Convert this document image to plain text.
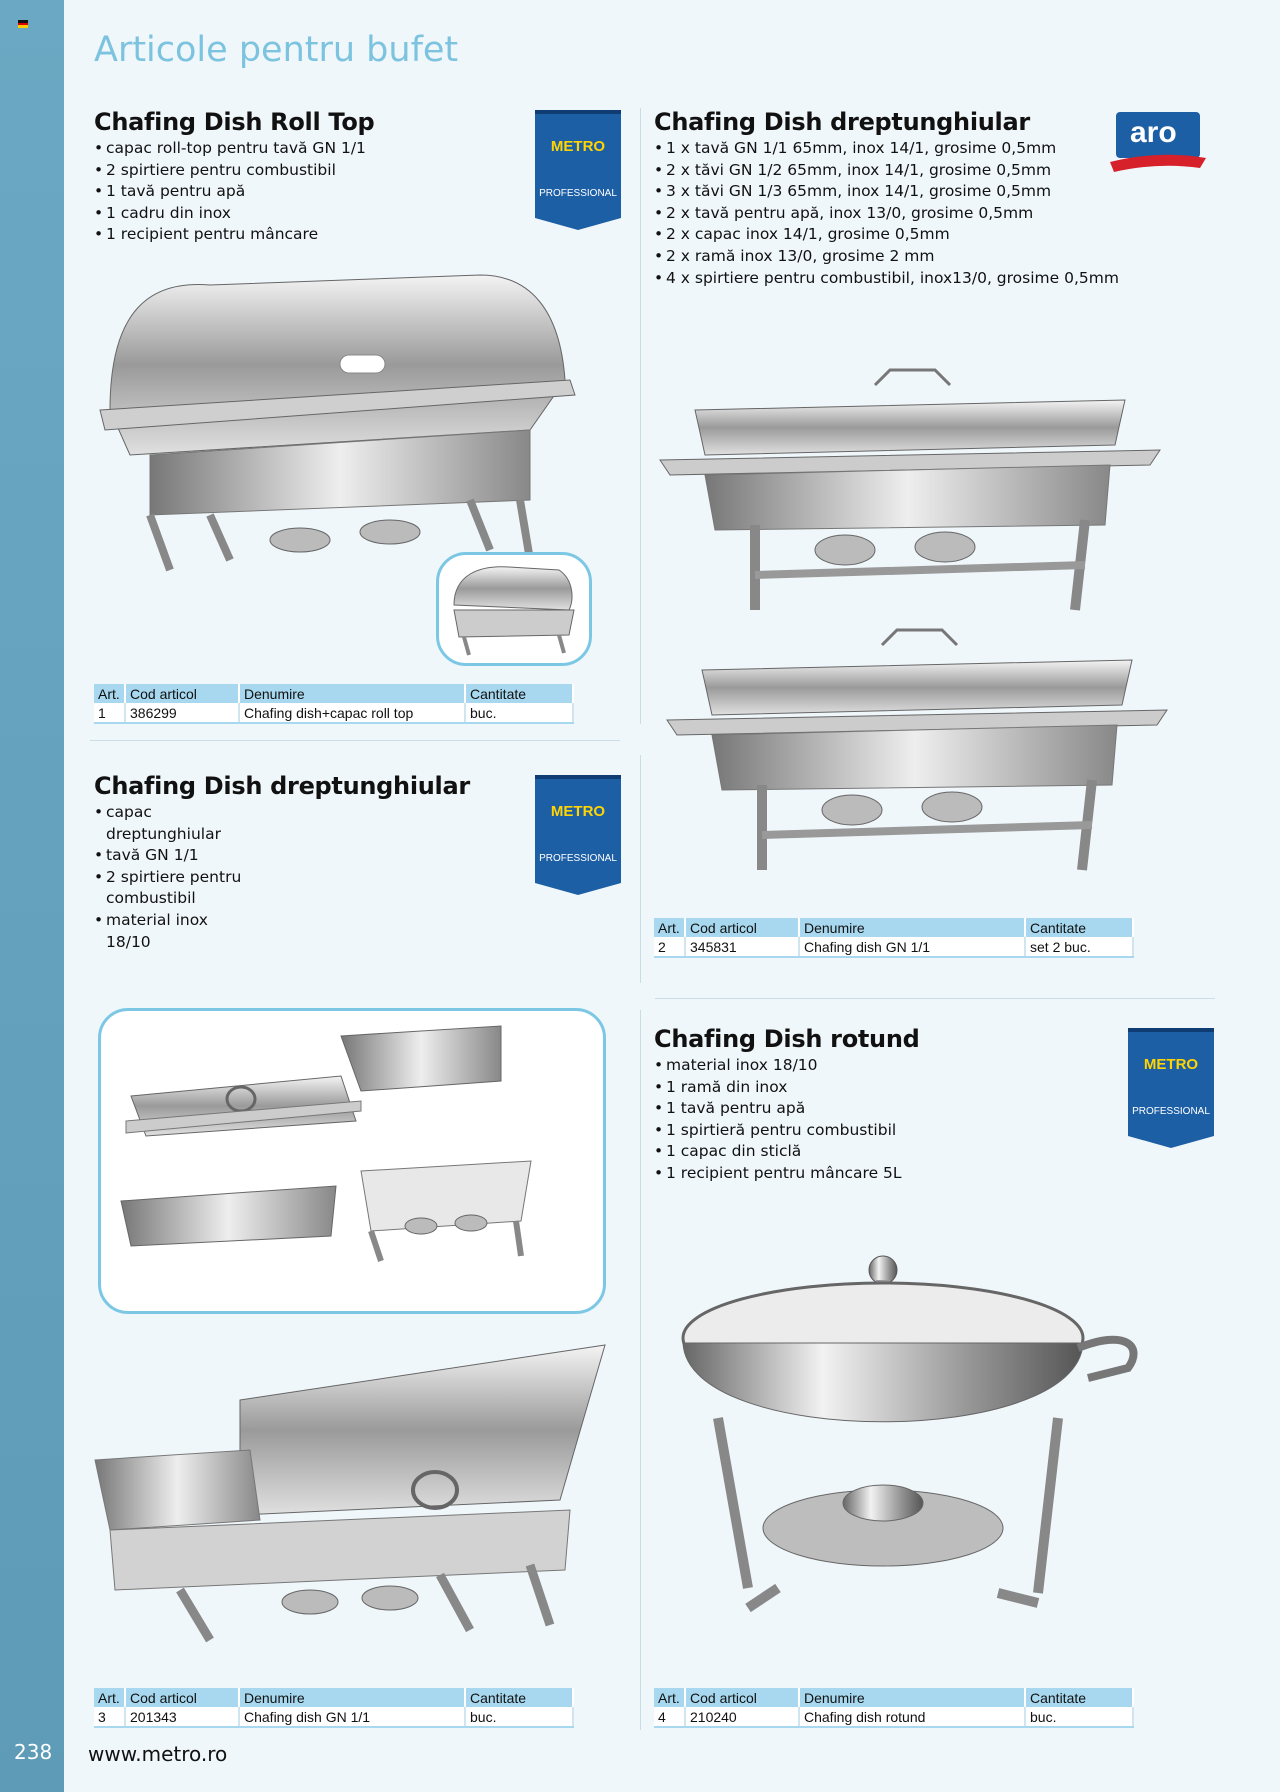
238
Articole pentru bufet
www.metro.ro
Chafing Dish Roll Top
• capac roll-top pentru tavă GN 1/1
• 2 spirtiere pentru combustibil
• 1 tavă pentru apă
• 1 cadru din inox
• 1 recipient pentru mâncare
METRO
PROFESSIONAL
Art.	Cod articol	Denumire	Cantitate
1	386299	Chafing dish+capac roll top	buc.
Chafing Dish dreptunghiular
• 1 x tavă GN 1/1 65mm, inox 14/1, grosime 0,5mm
• 2 x tăvi GN 1/2 65mm, inox 14/1, grosime 0,5mm
• 3 x tăvi GN 1/3 65mm, inox 14/1, grosime 0,5mm
• 2 x tavă pentru apă, inox 13/0, grosime 0,5mm
• 2 x capac inox 14/1, grosime 0,5mm
• 2 x ramă inox 13/0, grosime 2 mm
• 4 x spirtiere pentru combustibil, inox13/0, grosime 0,5mm
aro
Art.	Cod articol	Denumire	Cantitate
2	345831	Chafing dish GN 1/1	set 2 buc.
Chafing Dish dreptunghiular
• capac dreptunghiular
• tavă GN 1/1
• 2 spirtiere pentru combustibil
• material inox 18/10
METRO
PROFESSIONAL
Art.	Cod articol	Denumire	Cantitate
3	201343	Chafing dish GN 1/1	buc.
Chafing Dish rotund
• material inox 18/10
• 1 ramă din inox
• 1 tavă pentru apă
• 1 spirtieră pentru combustibil
• 1 capac din sticlă
• 1 recipient pentru mâncare 5L
METRO
PROFESSIONAL
Art.	Cod articol	Denumire	Cantitate
4	210240	Chafing dish rotund	buc.
